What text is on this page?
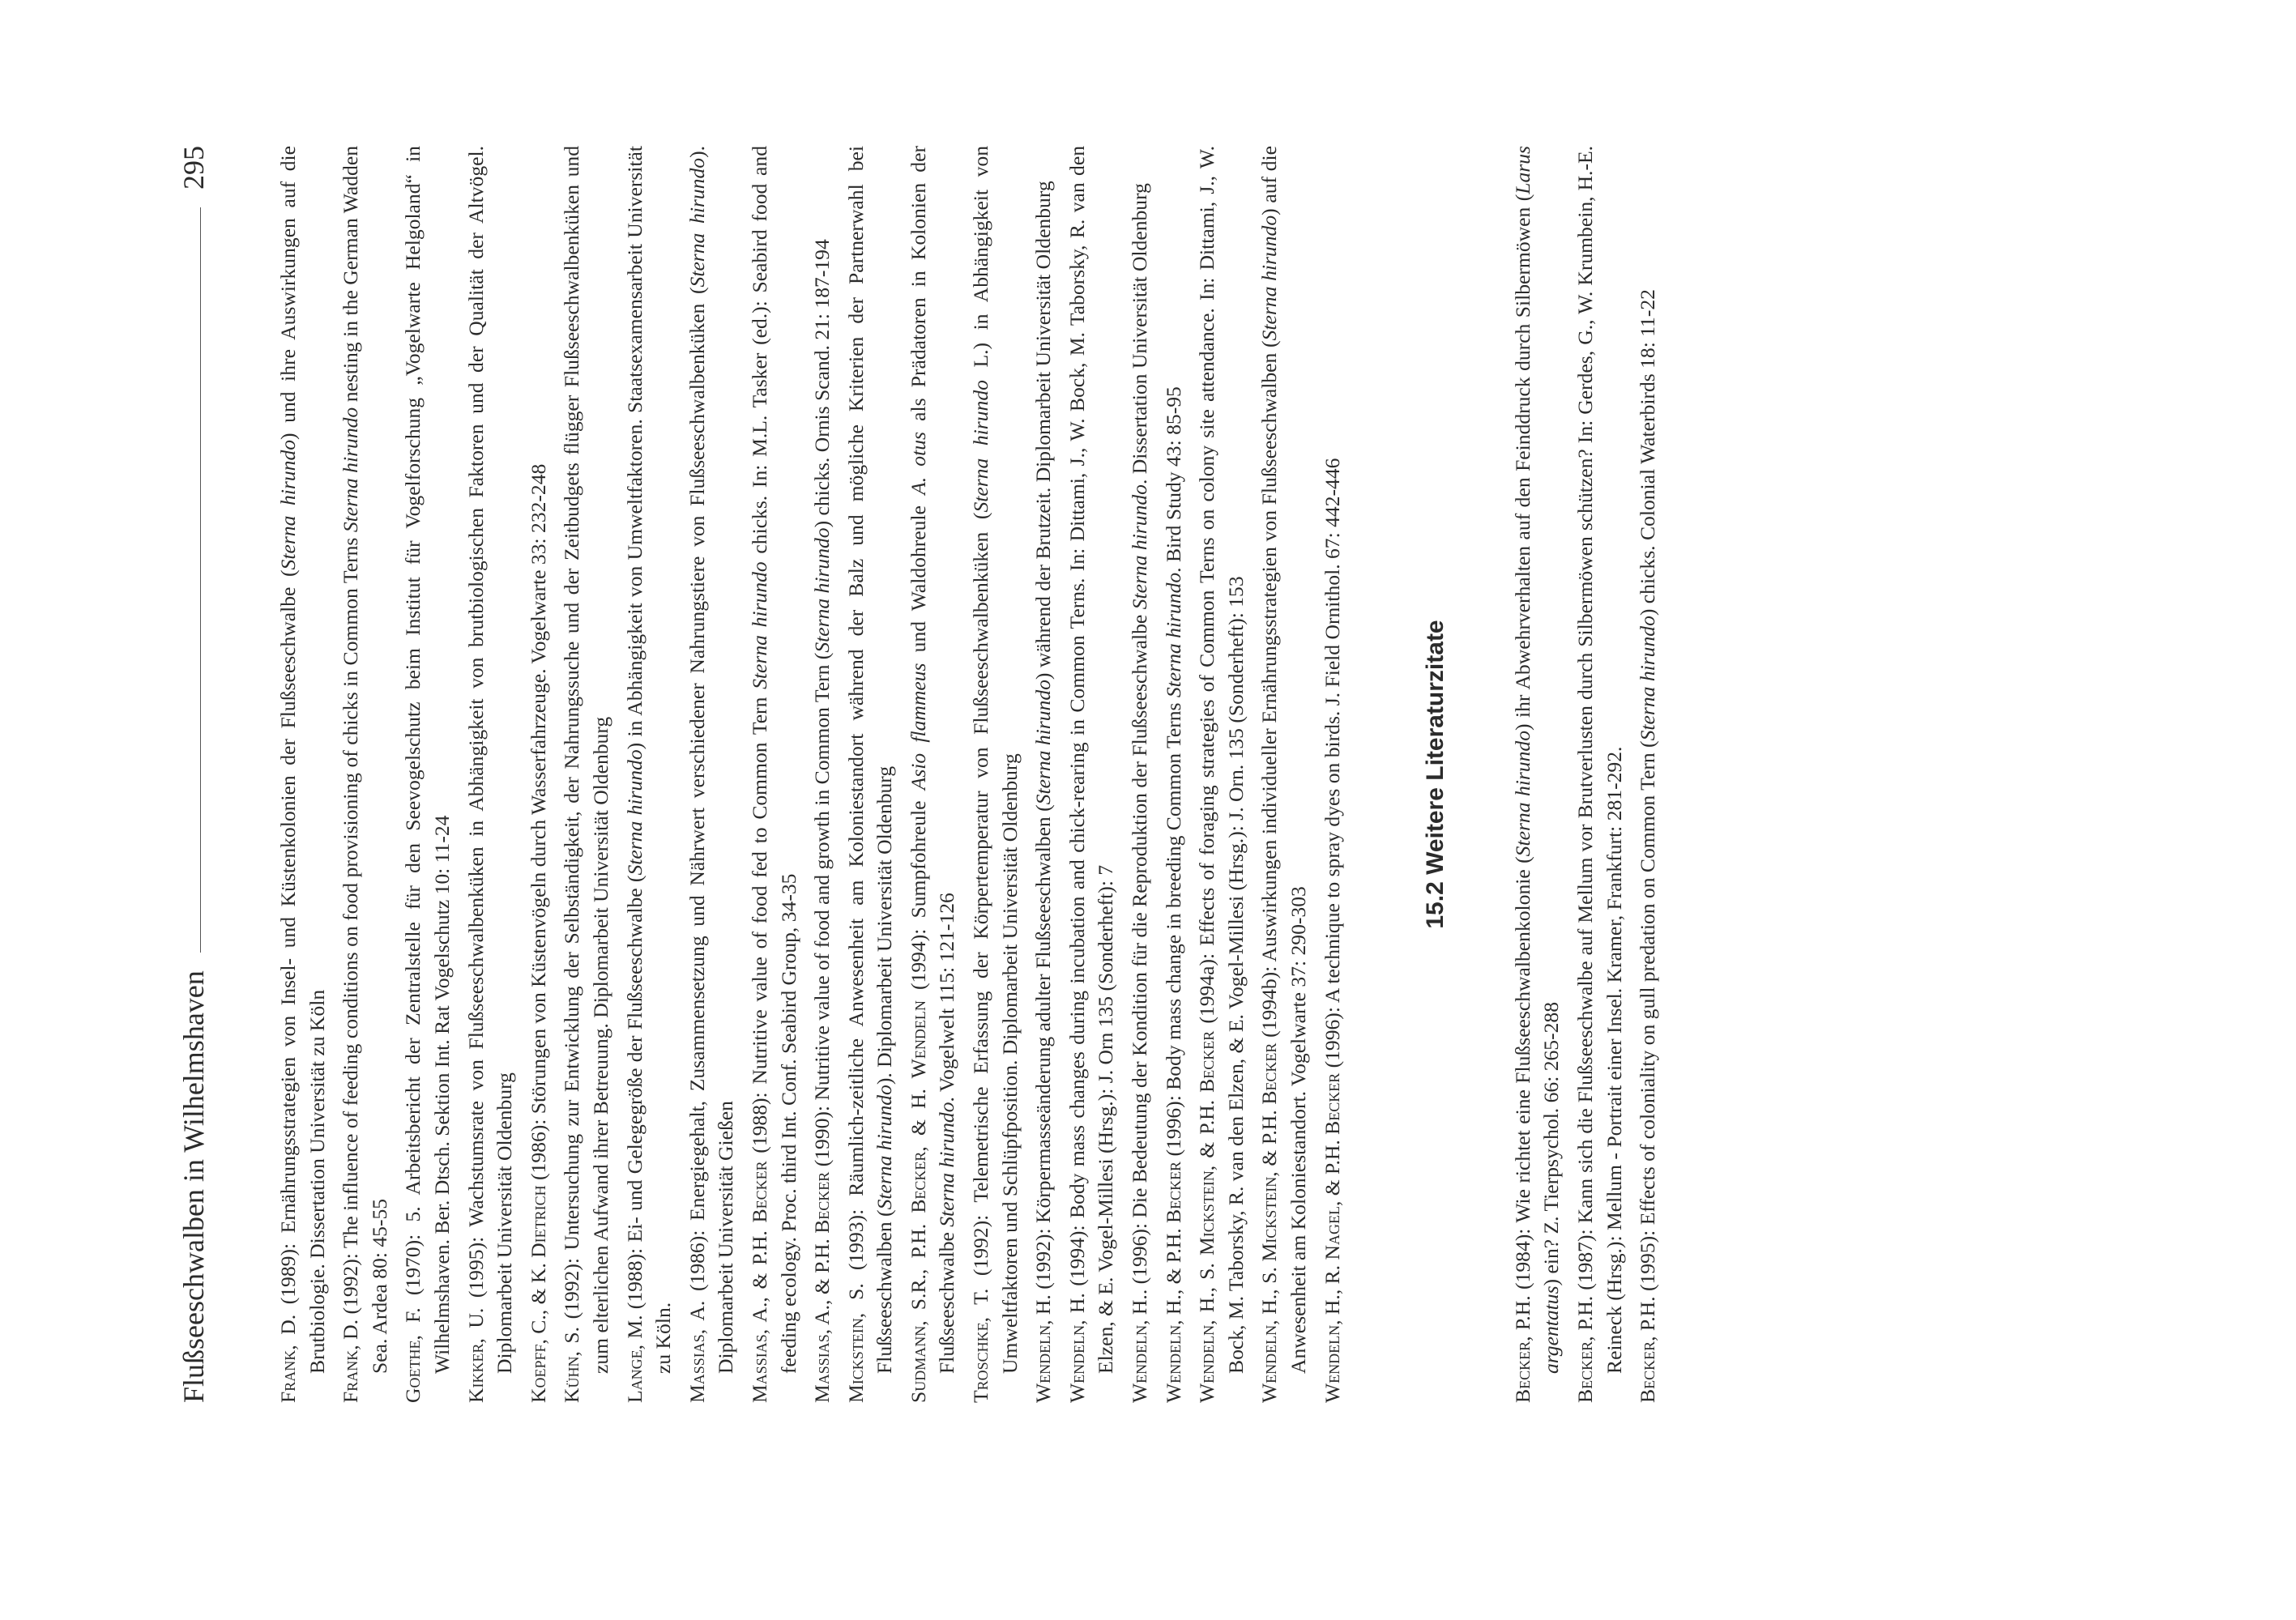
Flußseeschwalben in Wilhelmshaven
295
Frank, D. (1989): Ernährungsstrategien von Insel- und Küstenkolonien der Flußseeschwalbe (Sterna hirundo) und ihre Auswirkungen auf die Brutbiologie. Dissertation Universität zu Köln Frank, D. (1992): The influence of feeding conditions on food provisioning of chicks in Common Terns Sterna hirundo nesting in the German Wadden Sea. Ardea 80: 45-55 Goethe, F. (1970): 5. Arbeitsbericht der Zentralstelle für den Seevogelschutz beim Institut für Vogelforschung „Vogelwarte Helgoland“ in Wilhelmshaven. Ber. Dtsch. Sektion Int. Rat Vogelschutz 10: 11-24 Kikker, U. (1995): Wachstumsrate von Flußseeschwalbenküken in Abhängigkeit von brutbiologischen Faktoren und der Qualität der Altvögel. Diplomarbeit Universität Oldenburg Koepff, C., & K. Dietrich (1986): Störungen von Küstenvögeln durch Wasserfahrzeuge. Vogelwarte 33: 232-248
Kühn, S. (1992): Untersuchung zur Entwicklung der Selbständigkeit, der Nahrungssuche und der Zeitbudgets flügger Flußseeschwalbenküken und zum elterlichen Aufwand ihrer Betreuung. Diplomarbeit Universität Oldenburg Lange, M. (1988): Ei- und Gelegegröße der Flußseeschwalbe (Sterna hirundo) in Abhängigkeit von Umweltfaktoren. Staatsexamensarbeit Universität zu Köln. Massias, A. (1986): Energiegehalt, Zusammensetzung und Nährwert verschiedener Nahrungstiere von Flußseeschwalbenküken (Sterna hirundo). Diplomarbeit Universität Gießen Massias, A., & P.H. Becker (1988): Nutritive value of food fed to Common Tern Sterna hirundo chicks. In: M.L. Tasker (ed.): Seabird food and feeding ecology. Proc. third Int. Conf. Seabird Group, 34-35 Massias, A., & P.H. Becker (1990): Nutritive value of food and growth in Common Tern (Sterna hirundo) chicks. Ornis Scand. 21: 187-194
Mickstein, S. (1993): Räumlich-zeitliche Anwesenheit am Koloniestandort während der Balz und mögliche Kriterien der Partnerwahl bei Flußseeschwalben (Sterna hirundo). Diplomarbeit Universität Oldenburg
Sudmann, S.R., P.H. Becker, & H. Wendeln (1994): Sumpfohreule Asio flammeus und Waldohreule A. otus als Prädatoren in Kolonien der Flußseeschwalbe Sterna hirundo. Vogelwelt 115: 121-126
Troschke, T. (1992): Telemetrische Erfassung der Körpertemperatur von Flußseeschwalbenküken (Sterna hirundo L.) in Abhängigkeit von Umweltfaktoren und Schlüpfposition. Diplomarbeit Universität Oldenburg Wendeln, H. (1992): Körpermasseänderung adulter Flußseeschwalben (Sterna hirundo) während der Brutzeit. Diplomarbeit Universität Oldenburg
Wendeln, H. (1994): Body mass changes during incubation and chick-rearing in Common Terns. In: Dittami, J., W. Bock, M. Taborsky, R. van den Elzen, & E. Vogel-Millesi (Hrsg.): J. Orn 135 (Sonderheft): 7 Wendeln, H.. (1996): Die Bedeutung der Kondition für die Reproduktion der Flußseeschwalbe Sterna hirundo. Dissertation Universität Oldenburg
Wendeln, H., & P.H. Becker (1996): Body mass change in breeding Common Terns Sterna hirundo. Bird Study 43: 85-95
Wendeln, H., S. Mickstein, & P.H. Becker (1994a): Effects of foraging strategies of Common Terns on colony site attendance. In: Dittami, J., W. Bock, M. Taborsky, R. van den Elzen, & E. Vogel-Millesi (Hrsg.): J. Orn. 135 (Sonderheft): 153 Wendeln, H., S. Mickstein, & P.H. Becker (1994b): Auswirkungen individueller Ernährungsstrategien von Flußseeschwalben (Sterna hirundo) auf die Anwesenheit am Koloniestandort. Vogelwarte 37: 290-303 Wendeln, H., R. Nagel, & P.H. Becker (1996): A technique to spray dyes on birds. J. Field Ornithol. 67: 442-446	15.2 Weitere Literaturzitate
Becker, P.H. (1984): Wie richtet eine Flußseeschwalbenkolonie (Sterna hirundo) ihr Abwehrverhalten auf den Feinddruck durch Silbermöwen (Larus argentatus) ein? Z. Tierpsychol. 66: 265-288
Becker, P.H. (1987): Kann sich die Flußseeschwalbe auf Mellum vor Brutverlusten durch Silbermöwen schützen? In: Gerdes, G., W. Krumbein, H.-E. Reineck (Hrsg.): Mellum - Portrait einer Insel. Kramer, Frankfurt: 281-292. Becker, P.H. (1995): Effects of coloniality on gull predation on Common Tern (Sterna hirundo) chicks. Colonial Waterbirds 18: 11-22
